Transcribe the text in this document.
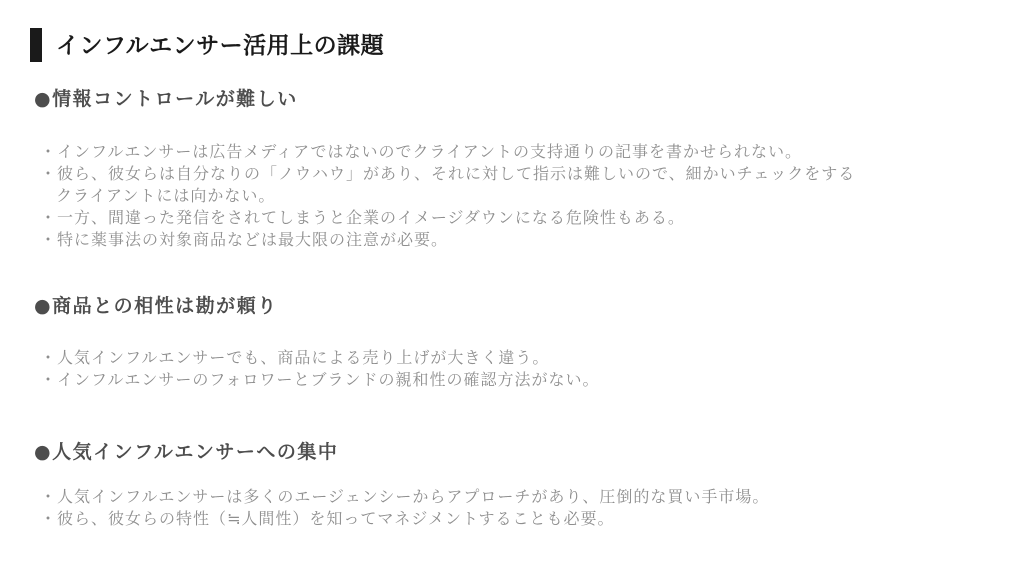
インフルエンサー活用上の課題
●情報コントロールが難しい
・インフルエンサーは広告メディアではないのでクライアントの支持通りの記事を書かせられない。
・彼ら、彼女らは自分なりの「ノウハウ」があり、それに対して指示は難しいので、細かいチェックをする
クライアントには向かない。
・一方、間違った発信をされてしまうと企業のイメージダウンになる危険性もある。
・特に薬事法の対象商品などは最大限の注意が必要。
●商品との相性は勘が頼り
・人気インフルエンサーでも、商品による売り上げが大きく違う。
・インフルエンサーのフォロワーとブランドの親和性の確認方法がない。
●人気インフルエンサーへの集中
・人気インフルエンサーは多くのエージェンシーからアプローチがあり、圧倒的な買い手市場。
・彼ら、彼女らの特性（≒人間性）を知ってマネジメントすることも必要。
